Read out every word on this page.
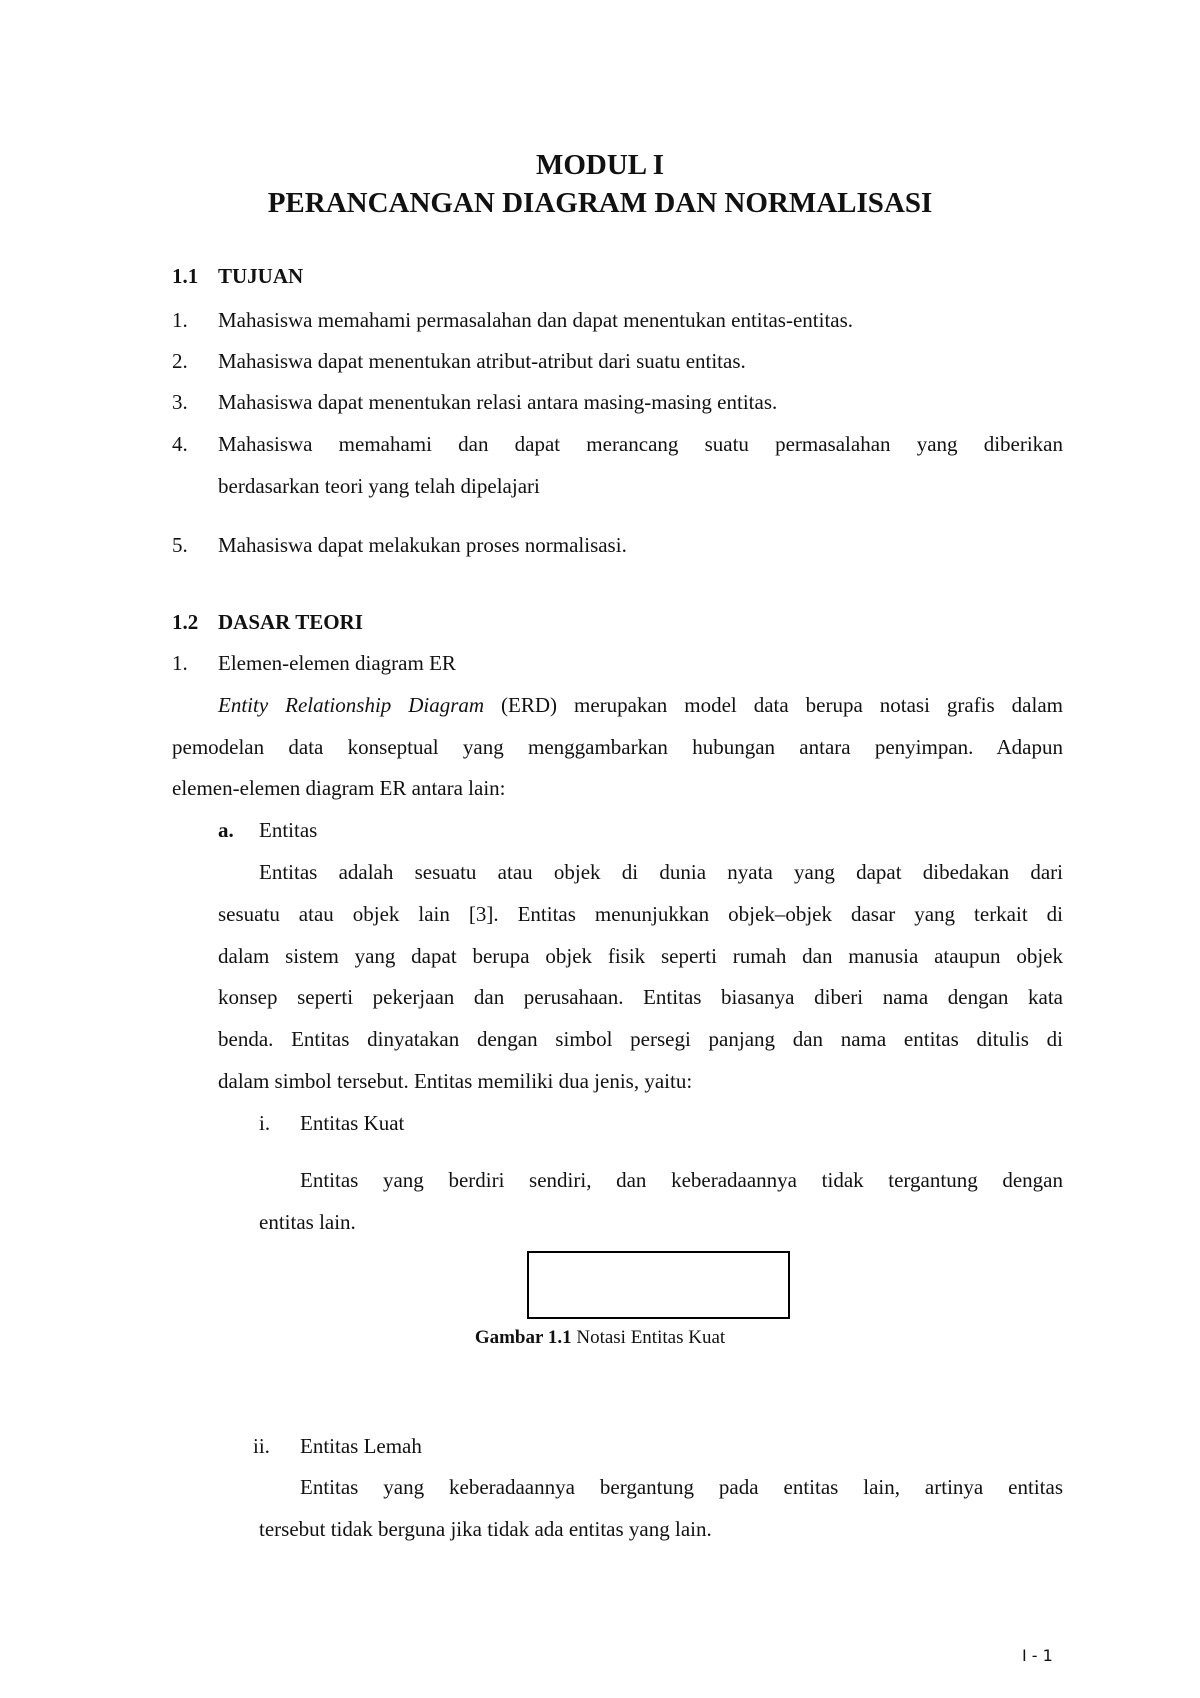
MODUL I
PERANCANGAN DIAGRAM DAN NORMALISASI
1.1 TUJUAN
1. Mahasiswa memahami permasalahan dan dapat menentukan entitas-entitas.
2. Mahasiswa dapat menentukan atribut-atribut dari suatu entitas.
3. Mahasiswa dapat menentukan relasi antara masing-masing entitas.
4. Mahasiswa memahami dan dapat merancang suatu permasalahan yang diberikan
berdasarkan teori yang telah dipelajari
5. Mahasiswa dapat melakukan proses normalisasi.
1.2 DASAR TEORI
1. Elemen-elemen diagram ER
Entity Relationship Diagram (ERD) merupakan model data berupa notasi grafis dalam
pemodelan data konseptual yang menggambarkan hubungan antara penyimpan. Adapun
elemen-elemen diagram ER antara lain:
a. Entitas
Entitas adalah sesuatu atau objek di dunia nyata yang dapat dibedakan dari
sesuatu atau objek lain [3]. Entitas menunjukkan objek–objek dasar yang terkait di
dalam sistem yang dapat berupa objek fisik seperti rumah dan manusia ataupun objek
konsep seperti pekerjaan dan perusahaan. Entitas biasanya diberi nama dengan kata
benda. Entitas dinyatakan dengan simbol persegi panjang dan nama entitas ditulis di
dalam simbol tersebut. Entitas memiliki dua jenis, yaitu:
i. Entitas Kuat
Entitas yang berdiri sendiri, dan keberadaannya tidak tergantung dengan
entitas lain.
Gambar 1.1 Notasi Entitas Kuat
ii. Entitas Lemah
Entitas yang keberadaannya bergantung pada entitas lain, artinya entitas
tersebut tidak berguna jika tidak ada entitas yang lain.
I - 1
